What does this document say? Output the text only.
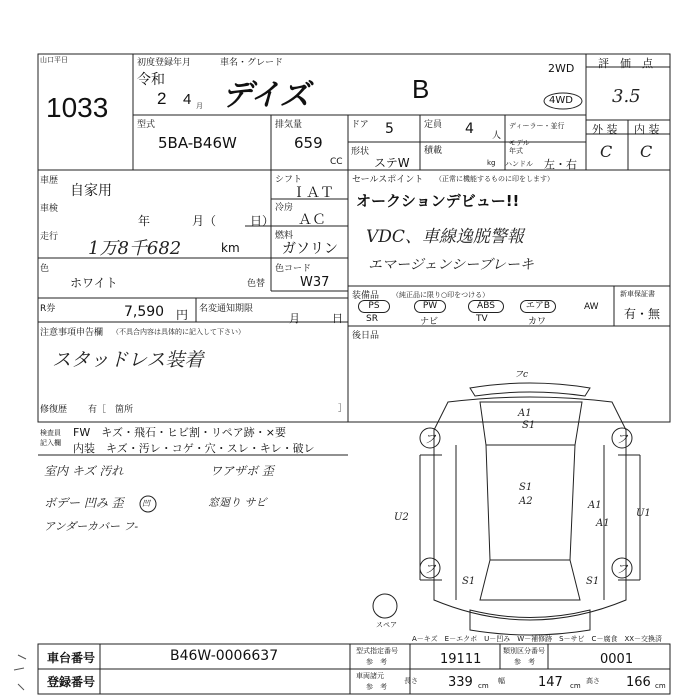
山口平日
1033
初度登録年月	車名・グレード
令和
2 4 月 デイズ	B
2WD
4WD
評　価　点
3.5
外 装 内 装
C C
型式
5BA-B46W
排気量
659
CC
ドア 5
形状
ステW
定員 4 人
ディーラー・並行
積載
モデル
年式
kg ハンドル 左・右
車歴
自家用
車検
年	月（	日）
走行
1万8千682	km
シフト
ＩＡＴ
冷房
ＡＣ
燃料
ガソリン
色
ホワイト	色替
色コード
W37
R券	7,590 円 名変通知期限
月	日
セールスポイント （正常に機能するものに印をします）
オークションデビュー!!
VDC、車線逸脱警報
エマージェンシーブレーキ
装備品 （純正品に限り○印をつける）
PS
SR
PW
ナビ
ABS
TV
エアB
カワ
AW
新車保証書
有・無
後日品
注意事項申告欄 （不具合内容は具体的に記入して下さい）
スタッドレス装着
修復歴 有［ 箇所	］
検査員
記入欄
FW　キズ・飛石・ヒビ割・リペア跡・×要
内装　キズ・汚レ・コゲ・穴・スレ・キレ・破レ
室内 キズ 汚れ
ボデー 凹み 歪 凹
アンダーカバー フ-
ワアザボ 歪
窓廻り サビ
A1
S1
S1
A2	A1
A1
S1	S1
U2	U1
フ	フ
フ	フ
フc
スペア
A－キズ　E－エクボ　U－凹み　W－補修跡　S－サビ　C－腐食　XX－交換済
車台番号	B46W-0006637
登録番号
型式指定番号
参　考	19111
類別区分番号
参　考	0001
車両諸元
参　考
長さ 339 cm
幅	147 cm
高さ 166 cm
